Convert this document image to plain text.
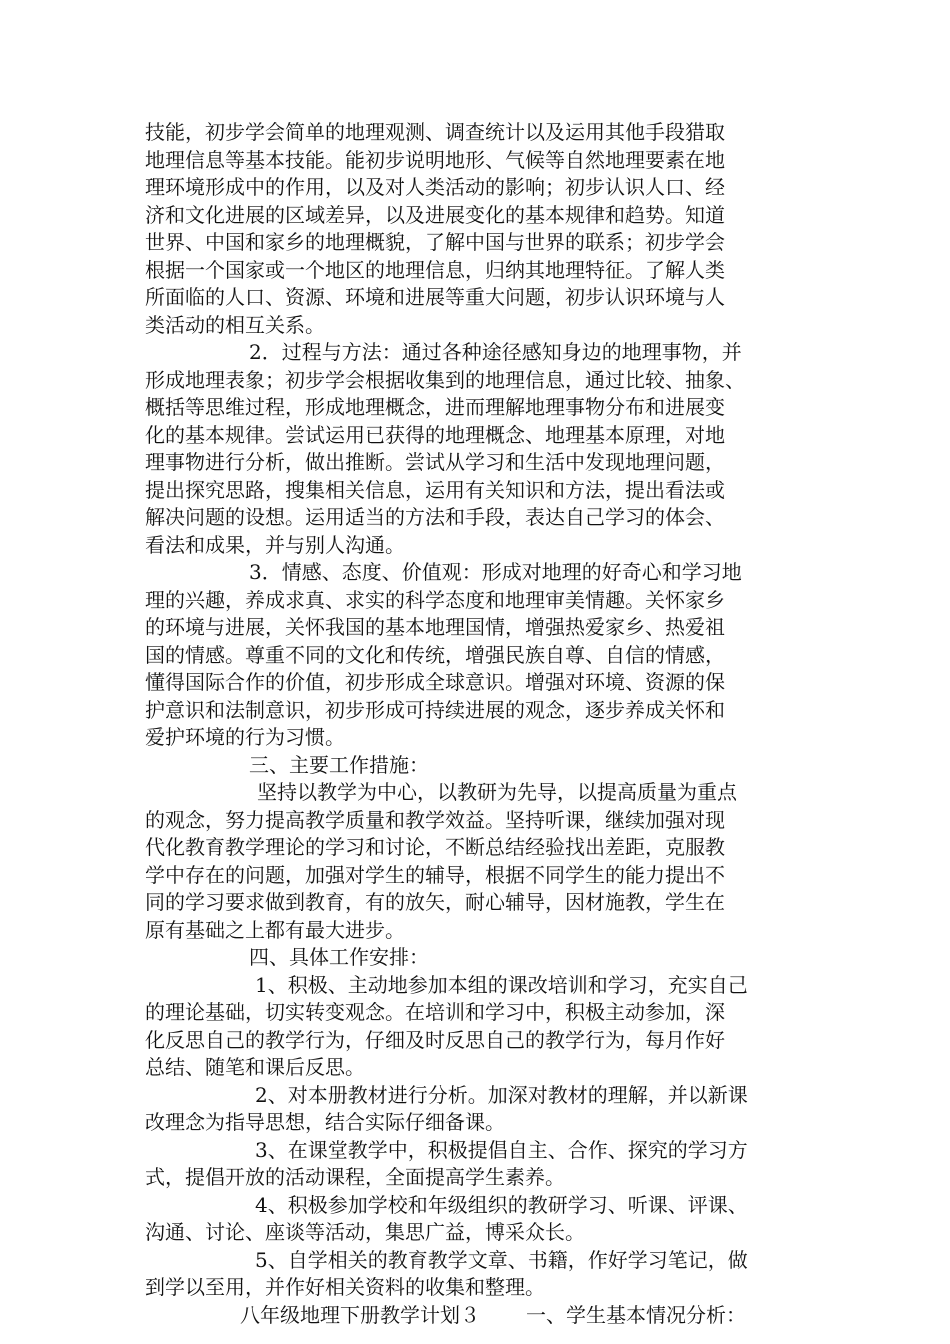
技能，初步学会简单的地理观测、调查统计以及运用其他手段猎取
地理信息等基本技能。能初步说明地形、气候等自然地理要素在地
理环境形成中的作用，以及对人类活动的影响；初步认识人口、经
济和文化进展的区域差异，以及进展变化的基本规律和趋势。知道
世界、中国和家乡的地理概貌，了解中国与世界的联系；初步学会
根据一个国家或一个地区的地理信息，归纳其地理特征。了解人类
所面临的人口、资源、环境和进展等重大问题，初步认识环境与人
类活动的相互关系。
2．过程与方法：通过各种途径感知身边的地理事物，并
形成地理表象；初步学会根据收集到的地理信息，通过比较、抽象、
概括等思维过程，形成地理概念，进而理解地理事物分布和进展变
化的基本规律。尝试运用已获得的地理概念、地理基本原理，对地
理事物进行分析，做出推断。尝试从学习和生活中发现地理问题，
提出探究思路，搜集相关信息，运用有关知识和方法，提出看法或
解决问题的设想。运用适当的方法和手段，表达自己学习的体会、
看法和成果，并与别人沟通。
3．情感、态度、价值观：形成对地理的好奇心和学习地
理的兴趣，养成求真、求实的科学态度和地理审美情趣。关怀家乡
的环境与进展，关怀我国的基本地理国情，增强热爱家乡、热爱祖
国的情感。尊重不同的文化和传统，增强民族自尊、自信的情感，
懂得国际合作的价值，初步形成全球意识。增强对环境、资源的保
护意识和法制意识，初步形成可持续进展的观念，逐步养成关怀和
爱护环境的行为习惯。
三、主要工作措施：
坚持以教学为中心，以教研为先导，以提高质量为重点
的观念，努力提高教学质量和教学效益。坚持听课，继续加强对现
代化教育教学理论的学习和讨论，不断总结经验找出差距，克服教
学中存在的问题，加强对学生的辅导，根据不同学生的能力提出不
同的学习要求做到教育，有的放矢，耐心辅导，因材施教，学生在
原有基础之上都有最大进步。
四、具体工作安排：
1、积极、主动地参加本组的课改培训和学习，充实自己
的理论基础，切实转变观念。在培训和学习中，积极主动参加，深
化反思自己的教学行为，仔细及时反思自己的教学行为，每月作好
总结、随笔和课后反思。
2、对本册教材进行分析。加深对教材的理解，并以新课
改理念为指导思想，结合实际仔细备课。
3、在课堂教学中，积极提倡自主、合作、探究的学习方
式，提倡开放的活动课程，全面提高学生素养。
4、积极参加学校和年级组织的教研学习、听课、评课、
沟通、讨论、座谈等活动，集思广益，博采众长。
5、自学相关的教育教学文章、书籍，作好学习笔记，做
到学以至用，并作好相关资料的收集和整理。
八年级地理下册教学计划３	一、学生基本情况分析：
